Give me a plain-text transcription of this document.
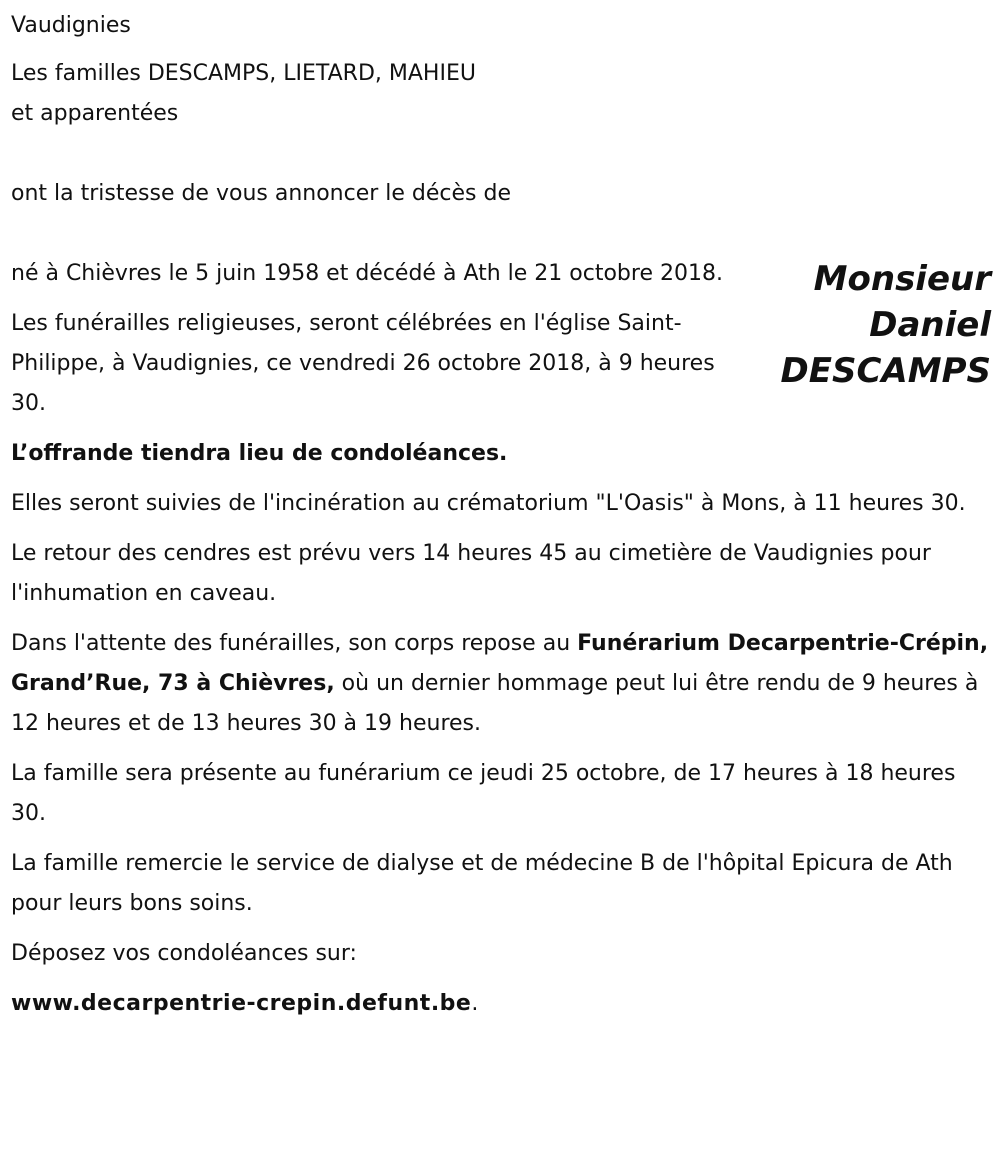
Vaudignies

Les familles DESCAMPS, LIETARD, MAHIEU

et apparentées

ont la tristesse de vous annoncer le décès de

Monsieur
Daniel
DESCAMPS

né à Chièvres le 5 juin 1958 et décédé à Ath le 21 octobre 2018.

Les funérailles religieuses, seront célébrées en l'église Saint-Philippe, à Vaudignies, ce vendredi 26 octobre 2018, à 9 heures 30.

L’offrande tiendra lieu de condoléances.

Elles seront suivies de l'incinération au crématorium "L'Oasis" à Mons, à 11 heures 30.

Le retour des cendres est prévu vers 14 heures 45 au cimetière de Vaudignies pour l'inhumation en caveau.

Dans l'attente des funérailles, son corps repose au Funérarium Decarpentrie-Crépin, Grand’Rue, 73 à Chièvres, où un dernier hommage peut lui être rendu de 9 heures à 12 heures et de 13 heures 30 à 19 heures.

La famille sera présente au funérarium ce jeudi 25 octobre, de 17 heures à 18 heures 30.

La famille remercie le service de dialyse et de médecine B de l'hôpital Epicura de Ath pour leurs bons soins.

Déposez vos condoléances sur:

www.decarpentrie-crepin.defunt.be.
